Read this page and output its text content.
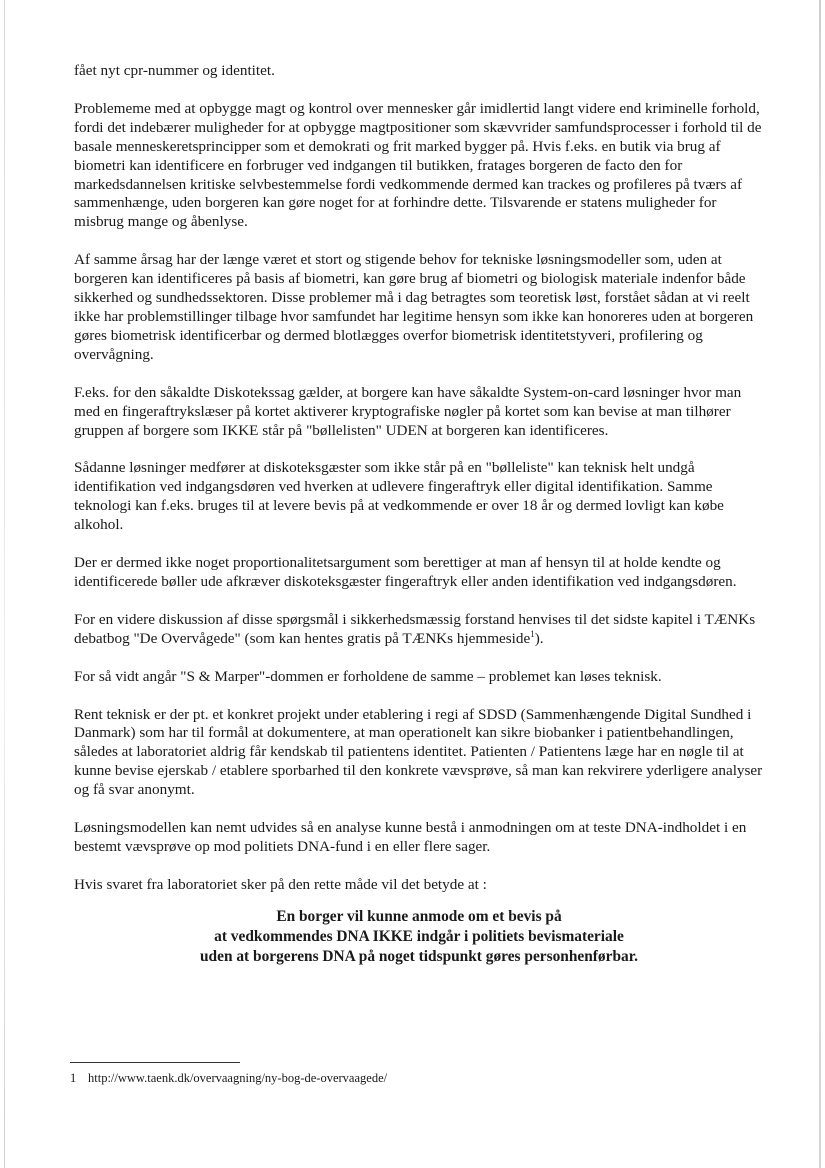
fået nyt cpr-nummer og identitet.

Problememe med at opbygge magt og kontrol over mennesker går imidlertid langt videre end kriminelle forhold, fordi det indebærer muligheder for at opbygge magtpositioner som skævvrider samfundsprocesser i forhold til de basale menneskeretsprincipper som et demokrati og frit marked bygger på. Hvis f.eks. en butik via brug af biometri kan identificere en forbruger ved indgangen til butikken, fratages borgeren de facto den for markedsdannelsen kritiske selvbestemmelse fordi vedkommende dermed kan trackes og profileres på tværs af sammenhænge, uden borgeren kan gøre noget for at forhindre dette. Tilsvarende er statens muligheder for misbrug mange og åbenlyse.

Af samme årsag har der længe været et stort og stigende behov for tekniske løsningsmodeller som, uden at borgeren kan identificeres på basis af biometri, kan gøre brug af biometri og biologisk materiale indenfor både sikkerhed og sundhedssektoren. Disse problemer må i dag betragtes som teoretisk løst, forstået sådan at vi reelt ikke har problemstillinger tilbage hvor samfundet har legitime hensyn som ikke kan honoreres uden at borgeren gøres biometrisk identificerbar og dermed blotlægges overfor biometrisk identitetstyveri, profilering og overvågning.

F.eks. for den såkaldte Diskotekssag gælder, at borgere kan have såkaldte System-on-card løsninger hvor man med en fingeraftrykslæser på kortet aktiverer kryptografiske nøgler på kortet som kan bevise at man tilhører gruppen af borgere som IKKE står på "bøllelisten" UDEN at borgeren kan identificeres.

Sådanne løsninger medfører at diskoteksgæster som ikke står på en "bølleliste" kan teknisk helt undgå identifikation ved indgangsdøren ved hverken at udlevere fingeraftryk eller digital identifikation. Samme teknologi kan f.eks. bruges til at levere bevis på at vedkommende er over 18 år og dermed lovligt kan købe alkohol.

Der er dermed ikke noget proportionalitetsargument som berettiger at man af hensyn til at holde kendte og identificerede bøller ude afkræver diskoteksgæster fingeraftryk eller anden identifikation ved indgangsdøren.

For en videre diskussion af disse spørgsmål i sikkerhedsmæssig forstand henvises til det sidste kapitel i TÆNKs debatbog "De Overvågede" (som kan hentes gratis på TÆNKs hjemmeside$^1$).

For så vidt angår "S & Marper"-dommen er forholdene de samme – problemet kan løses teknisk.

Rent teknisk er der pt. et konkret projekt under etablering i regi af SDSD (Sammenhængende Digital Sundhed i Danmark) som har til formål at dokumentere, at man operationelt kan sikre biobanker i patientbehandlingen, således at laboratoriet aldrig får kendskab til patientens identitet. Patienten / Patientens læge har en nøgle til at kunne bevise ejerskab / etablere sporbarhed til den konkrete vævsprøve, så man kan rekvirere yderligere analyser og få svar anonymt.

Løsningsmodellen kan nemt udvides så en analyse kunne bestå i anmodningen om at teste DNA-indholdet i en bestemt vævsprøve op mod politiets DNA-fund i en eller flere sager.

Hvis svaret fra laboratoriet sker på den rette måde vil det betyde at :

En borger vil kunne anmode om et bevis på
at vedkommendes DNA IKKE indgår i politiets bevismateriale
uden at borgerens DNA på noget tidspunkt gøres personhenførbar.
1 http://www.taenk.dk/overvaagning/ny-bog-de-overvaagede/
